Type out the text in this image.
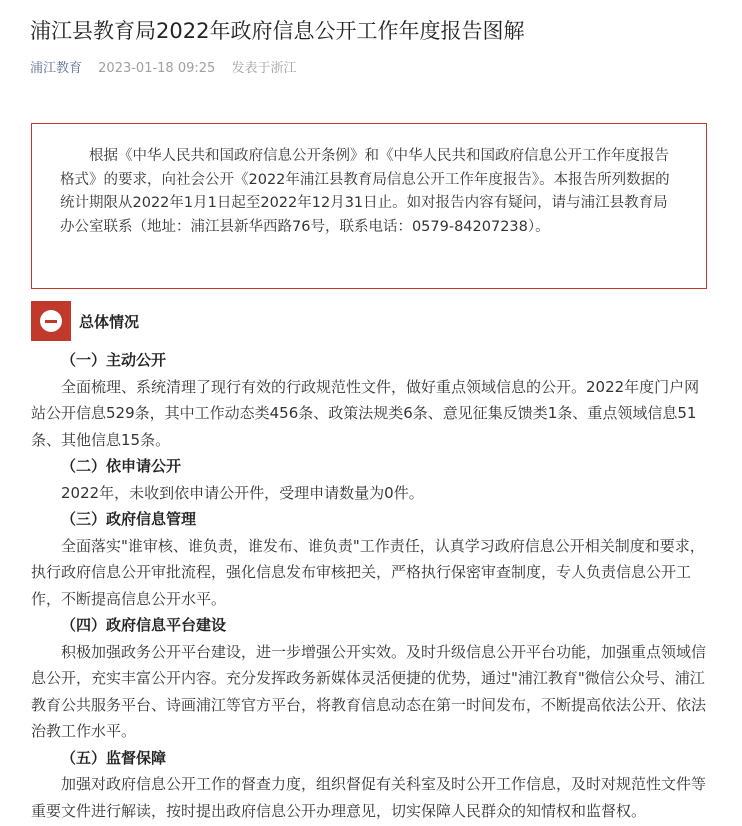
浦江县教育局2022年政府信息公开工作年度报告图解
浦江教育 2023-01-18 09:25 发表于浙江

根据《中华人民共和国政府信息公开条例》和《中华人民共和国政府信息公开工作年度报告格式》的要求，向社会公开《2022年浦江县教育局信息公开工作年度报告》。本报告所列数据的统计期限从2022年1月1日起至2022年12月31日止。如对报告内容有疑问，请与浦江县教育局办公室联系（地址：浦江县新华西路76号，联系电话：0579-84207238）。

总体情况
（一）主动公开

全面梳理、系统清理了现行有效的行政规范性文件，做好重点领域信息的公开。2022年度门户网站公开信息529条，其中工作动态类456条、政策法规类6条、意见征集反馈类1条、重点领域信息51条、其他信息15条。

（二）依申请公开

2022年，未收到依申请公开件，受理申请数量为0件。

（三）政府信息管理

全面落实"谁审核、谁负责，谁发布、谁负责"工作责任，认真学习政府信息公开相关制度和要求，执行政府信息公开审批流程，强化信息发布审核把关，严格执行保密审查制度，专人负责信息公开工作，不断提高信息公开水平。

（四）政府信息平台建设

积极加强政务公开平台建设，进一步增强公开实效。及时升级信息公开平台功能，加强重点领域信息公开，充实丰富公开内容。充分发挥政务新媒体灵活便捷的优势，通过"浦江教育"微信公众号、浦江教育公共服务平台、诗画浦江等官方平台，将教育信息动态在第一时间发布，不断提高依法公开、依法治教工作水平。

（五）监督保障

加强对政府信息公开工作的督查力度，组织督促有关科室及时公开工作信息，及时对规范性文件等重要文件进行解读，按时提出政府信息公开办理意见，切实保障人民群众的知情权和监督权。
